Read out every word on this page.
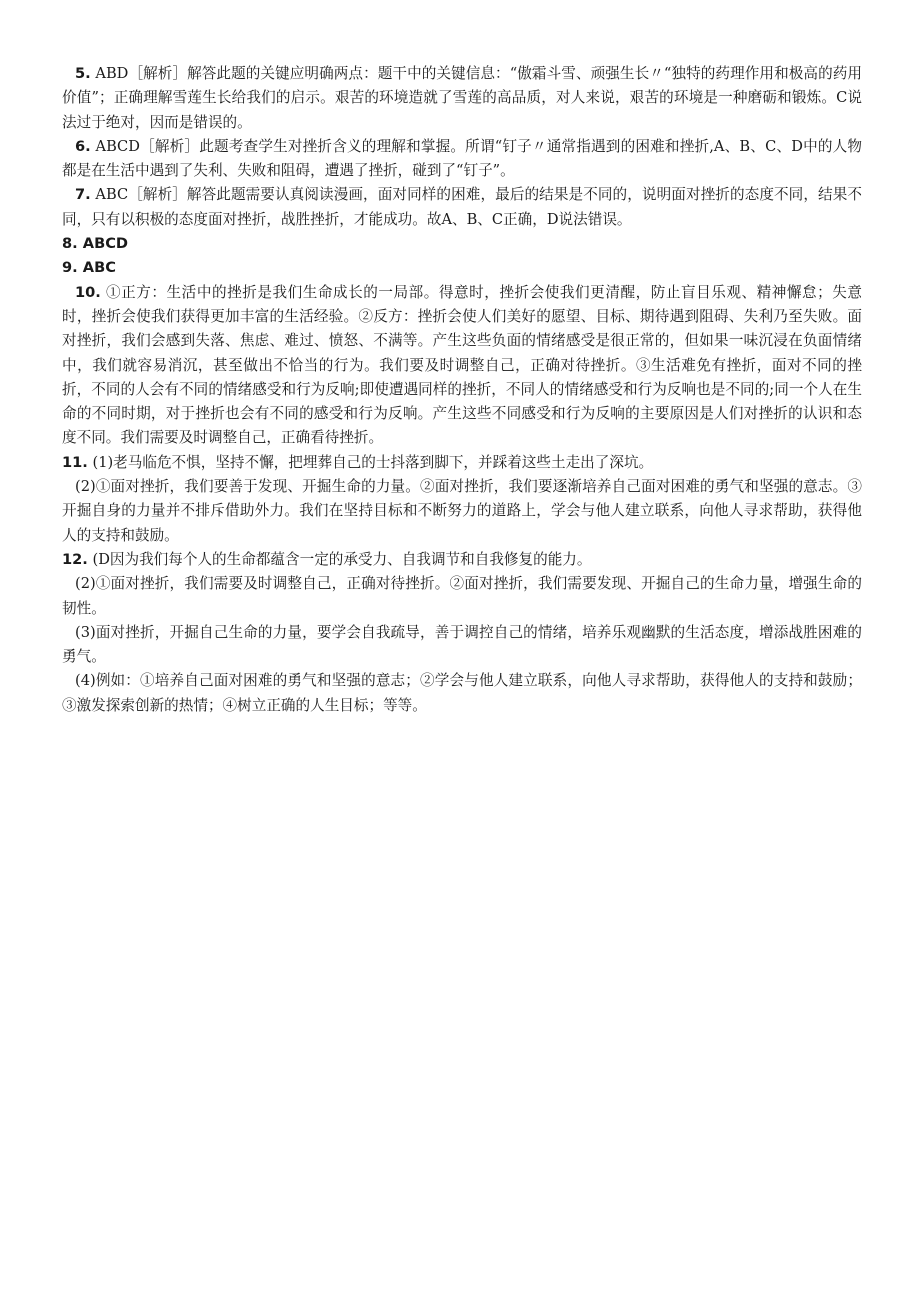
5. ABD［解析］解答此题的关键应明确两点：题干中的关键信息：“傲霜斗雪、顽强生长〃“独特的药理作用和极高的药用价值”；正确理解雪莲生长给我们的启示。艰苦的环境造就了雪莲的高品质，对人来说，艰苦的环境是一种磨砺和锻炼。C说法过于绝对，因而是错误的。

6. ABCD［解析］此题考查学生对挫折含义的理解和掌握。所谓“钉子〃通常指遇到的困难和挫折,A、B、C、D中的人物都是在生活中遇到了失利、失败和阻碍，遭遇了挫折，碰到了“钉子”。

7. ABC［解析］解答此题需要认真阅读漫画，面对同样的困难，最后的结果是不同的，说明面对挫折的态度不同，结果不同，只有以积极的态度面对挫折，战胜挫折，才能成功。故A、B、C正确，D说法错误。

8. ABCD

9. ABC

10. ①正方：生活中的挫折是我们生命成长的一局部。得意时，挫折会使我们更清醒，防止盲目乐观、精神懈怠；失意时，挫折会使我们获得更加丰富的生活经验。②反方：挫折会使人们美好的愿望、目标、期待遇到阻碍、失利乃至失败。面对挫折，我们会感到失落、焦虑、难过、愤怒、不满等。产生这些负面的情绪感受是很正常的，但如果一味沉浸在负面情绪中，我们就容易消沉，甚至做出不恰当的行为。我们要及时调整自己，正确对待挫折。③生活难免有挫折，面对不同的挫折，不同的人会有不同的情绪感受和行为反响;即使遭遇同样的挫折，不同人的情绪感受和行为反响也是不同的;同一个人在生命的不同时期，对于挫折也会有不同的感受和行为反响。产生这些不同感受和行为反响的主要原因是人们对挫折的认识和态度不同。我们需要及时调整自己，正确看待挫折。

11. (1)老马临危不惧，坚持不懈，把埋葬自己的士抖落到脚下，并踩着这些土走出了深坑。

(2)①面对挫折，我们要善于发现、开掘生命的力量。②面对挫折，我们要逐渐培养自己面对困难的勇气和坚强的意志。③开掘自身的力量并不排斥借助外力。我们在坚持目标和不断努力的道路上，学会与他人建立联系，向他人寻求帮助，获得他人的支持和鼓励。

12. (D因为我们每个人的生命都蕴含一定的承受力、自我调节和自我修复的能力。

(2)①面对挫折，我们需要及时调整自己，正确对待挫折。②面对挫折，我们需要发现、开掘自己的生命力量，增强生命的韧性。

(3)面对挫折，开掘自己生命的力量，要学会自我疏导，善于调控自己的情绪，培养乐观幽默的生活态度，增添战胜困难的勇气。

(4)例如：①培养自己面对困难的勇气和坚强的意志；②学会与他人建立联系，向他人寻求帮助，获得他人的支持和鼓励；③激发探索创新的热情；④树立正确的人生目标；等等。
